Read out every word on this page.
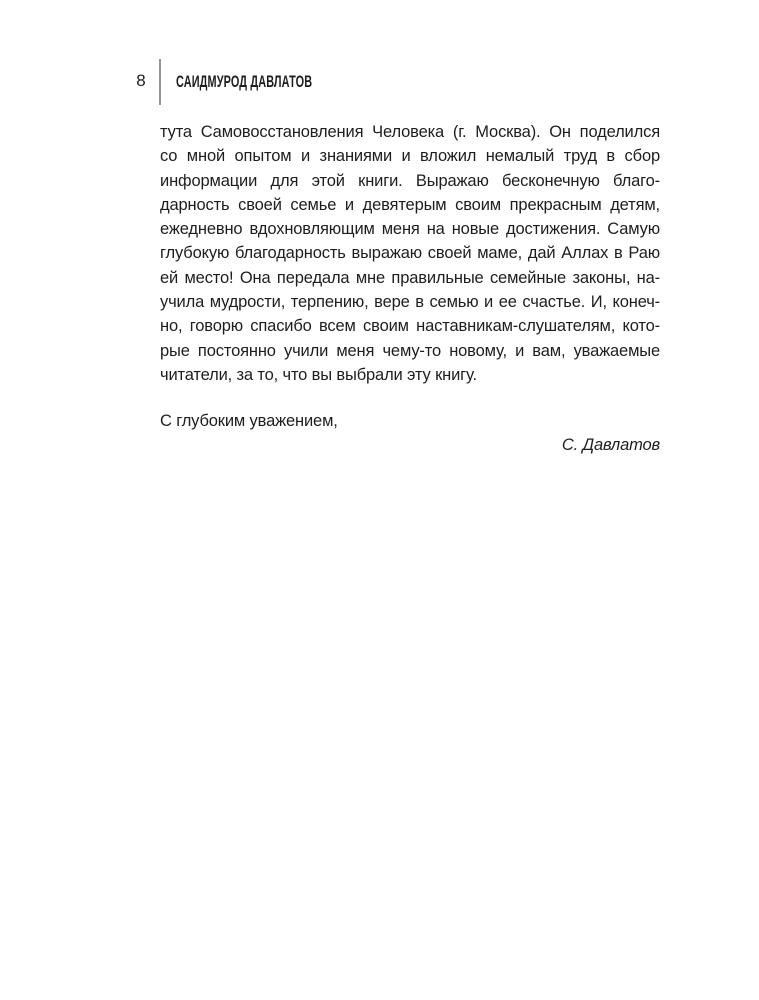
8	САИДМУРОД ДАВЛАТОВ
тута Самовосстановления Человека (г. Москва). Он поделился
со мной опытом и знаниями и вложил немалый труд в сбор
информации для этой книги. Выражаю бесконечную благо-
дарность своей семье и девятерым своим прекрасным детям,
ежедневно вдохновляющим меня на новые достижения. Самую
глубокую благодарность выражаю своей маме, дай Аллах в Раю
ей место! Она передала мне правильные семейные законы, на-
учила мудрости, терпению, вере в семью и ее счастье. И, конеч-
но, говорю спасибо всем своим наставникам-слушателям, кото-
рые постоянно учили меня чему-то новому, и вам, уважаемые
читатели, за то, что вы выбрали эту книгу.
С глубоким уважением,
С. Давлатов
